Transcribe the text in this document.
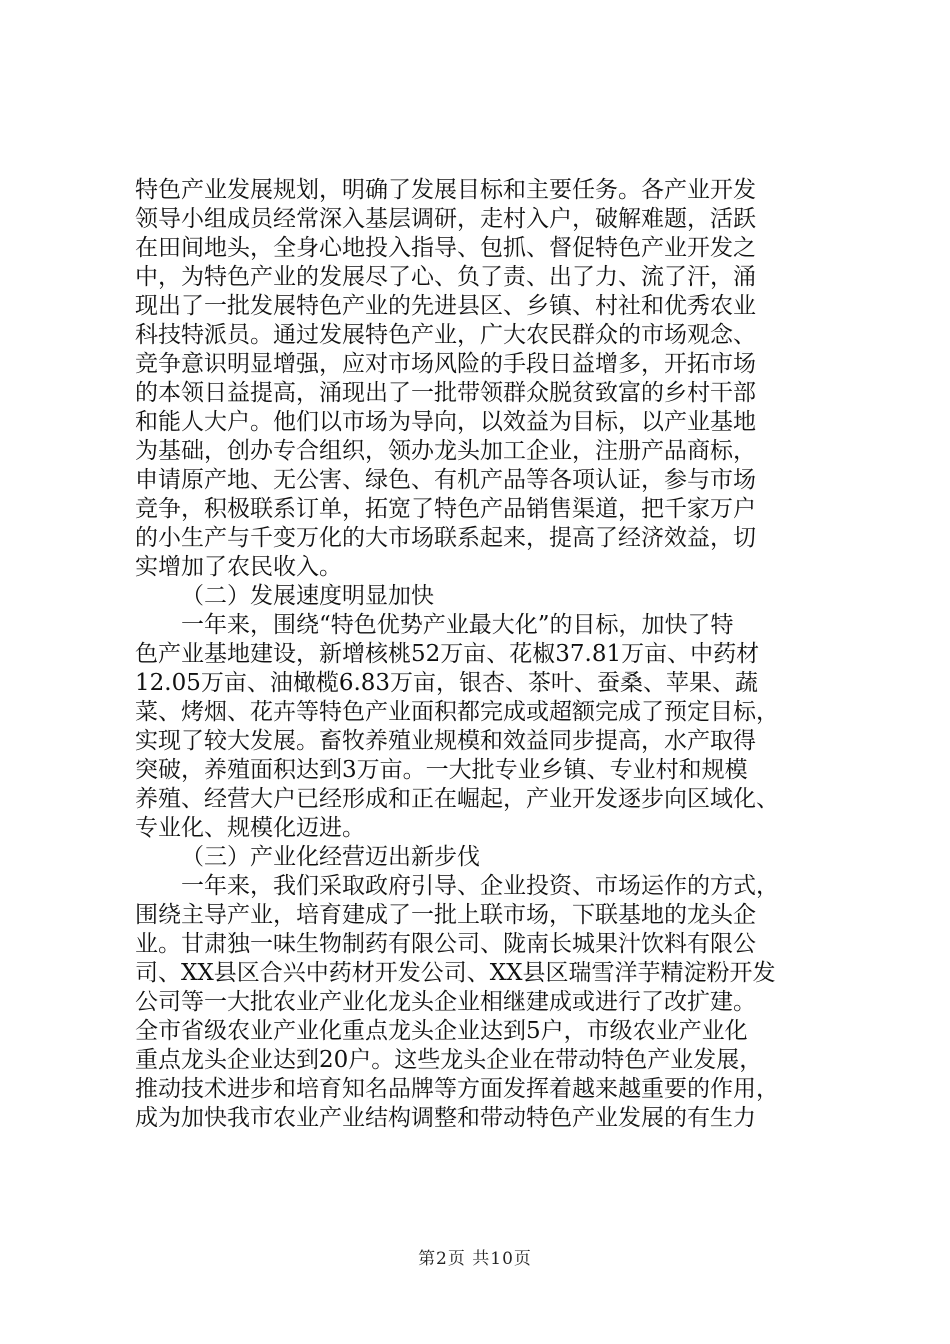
特色产业发展规划，明确了发展目标和主要任务。各产业开发
领导小组成员经常深入基层调研，走村入户，破解难题，活跃
在田间地头，全身心地投入指导、包抓、督促特色产业开发之
中，为特色产业的发展尽了心、负了责、出了力、流了汗，涌
现出了一批发展特色产业的先进县区、乡镇、村社和优秀农业
科技特派员。通过发展特色产业，广大农民群众的市场观念、
竞争意识明显增强，应对市场风险的手段日益增多，开拓市场
的本领日益提高，涌现出了一批带领群众脱贫致富的乡村干部
和能人大户。他们以市场为导向，以效益为目标，以产业基地
为基础，创办专合组织，领办龙头加工企业，注册产品商标，
申请原产地、无公害、绿色、有机产品等各项认证，参与市场
竞争，积极联系订单，拓宽了特色产品销售渠道，把千家万户
的小生产与千变万化的大市场联系起来，提高了经济效益，切
实增加了农民收入。
（二）发展速度明显加快
一年来，围绕“特色优势产业最大化”的目标，加快了特
色产业基地建设，新增核桃52万亩、花椒37.81万亩、中药材
12.05万亩、油橄榄6.83万亩，银杏、茶叶、蚕桑、苹果、蔬
菜、烤烟、花卉等特色产业面积都完成或超额完成了预定目标，
实现了较大发展。畜牧养殖业规模和效益同步提高，水产取得
突破，养殖面积达到3万亩。一大批专业乡镇、专业村和规模
养殖、经营大户已经形成和正在崛起，产业开发逐步向区域化、
专业化、规模化迈进。
（三）产业化经营迈出新步伐
一年来，我们采取政府引导、企业投资、市场运作的方式，
围绕主导产业，培育建成了一批上联市场，下联基地的龙头企
业。甘肃独一味生物制药有限公司、陇南长城果汁饮料有限公
司、XX县区合兴中药材开发公司、XX县区瑞雪洋芋精淀粉开发
公司等一大批农业产业化龙头企业相继建成或进行了改扩建。
全市省级农业产业化重点龙头企业达到5户，市级农业产业化
重点龙头企业达到20户。这些龙头企业在带动特色产业发展，
推动技术进步和培育知名品牌等方面发挥着越来越重要的作用，
成为加快我市农业产业结构调整和带动特色产业发展的有生力
第2页 共10页
